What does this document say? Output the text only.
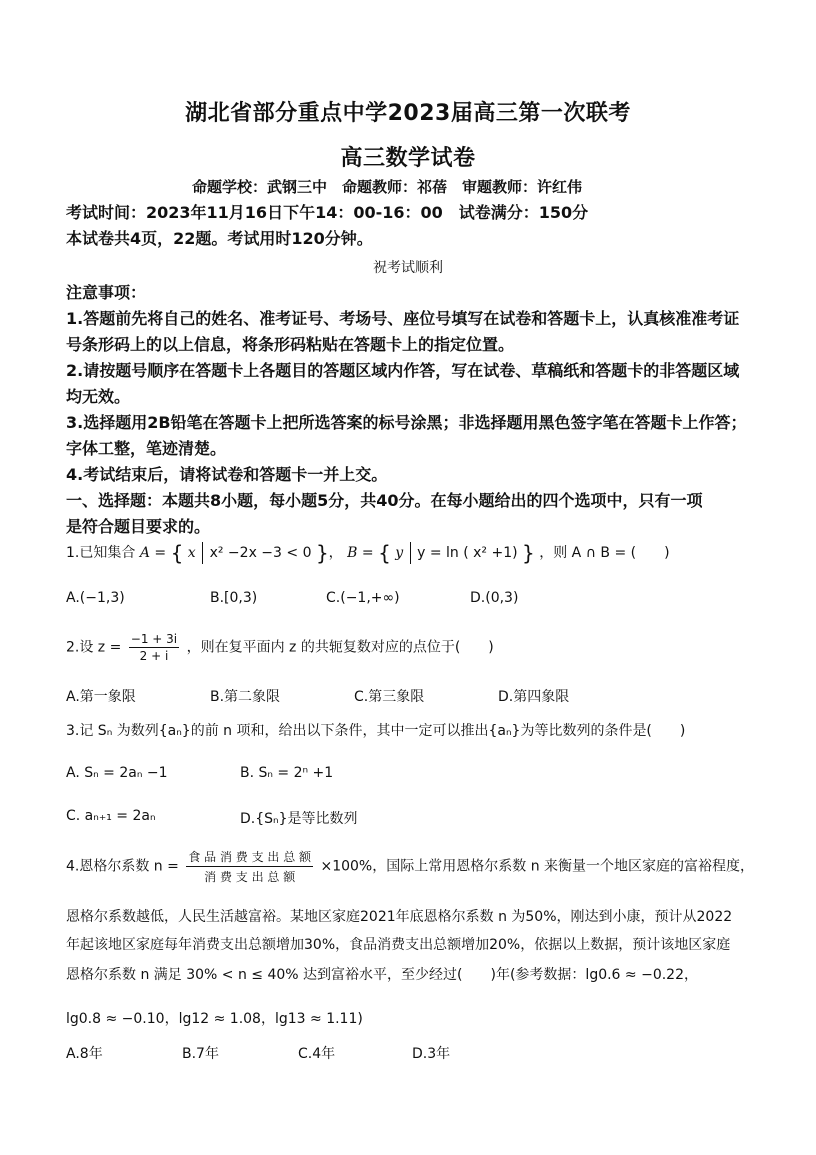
湖北省部分重点中学2023届高三第一次联考
高三数学试卷
命题学校：武钢三中　命题教师：祁蓓　审题教师：许红伟
考试时间：2023年11月16日下午14：00-16：00　试卷满分：150分
本试卷共4页，22题。考试用时120分钟。
祝考试顺利
注意事项：
1.答题前先将自己的姓名、准考证号、考场号、座位号填写在试卷和答题卡上，认真核准准考证
号条形码上的以上信息，将条形码粘贴在答题卡上的指定位置。
2.请按题号顺序在答题卡上各题目的答题区域内作答，写在试卷、草稿纸和答题卡的非答题区域
均无效。
3.选择题用2B铅笔在答题卡上把所选答案的标号涂黑；非选择题用黑色签字笔在答题卡上作答；
字体工整，笔迹清楚。
4.考试结束后，请将试卷和答题卡一并上交。
一、选择题：本题共8小题，每小题5分，共40分。在每小题给出的四个选项中，只有一项
是符合题目要求的。
1.已知集合 A = { x x² −2x −3 < 0 }， B = { y y = ln ( x² +1) } ，则 A ∩ B = (　　)
A.(−1,3)	B.[0,3)	C.(−1,+∞)	D.(0,3)
2.设 $z = \frac{-1 + 3i}{2 + i}$ ，则在复平面内 z 的共轭复数对应的点位于(　　)
A.第一象限	B.第二象限	C.第三象限	D.第四象限
3.记 Sₙ 为数列{aₙ}的前 n 项和，给出以下条件，其中一定可以推出{aₙ}为等比数列的条件是(　　)
A. Sₙ = 2aₙ −1	B. Sₙ = 2ⁿ +1
C. aₙ₊₁ = 2aₙ	D.{Sₙ}是等比数列
4.恩格尔系数 $n = \frac{\text{食 品 消 费 支 出 总 额}}{\text{消 费 支 出 总 额}} \times 100\%$，国际上常用恩格尔系数 n 来衡量一个地区家庭的富裕程度，
恩格尔系数越低，人民生活越富裕。某地区家庭2021年底恩格尔系数 n 为50%，刚达到小康，预计从2022
年起该地区家庭每年消费支出总额增加30%，食品消费支出总额增加20%，依据以上数据，预计该地区家庭
恩格尔系数 n 满足 30% < n ≤ 40% 达到富裕水平，至少经过(　　)年(参考数据：lg0.6 ≈ −0.22，
lg0.8 ≈ −0.10，lg12 ≈ 1.08，lg13 ≈ 1.11)
A.8年	B.7年	C.4年	D.3年
